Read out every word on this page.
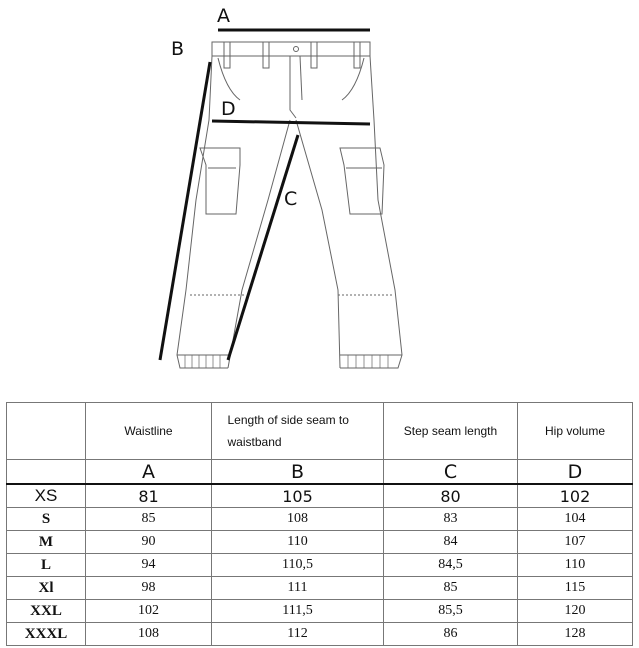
A
B
C
D
	Waistline	Length of side seam to waistband	Step seam length	Hip volume
	A	B	C	D
XS	81	105	80	102
S	85	108	83	104
M	90	110	84	107
L	94	110,5	84,5	110
Xl	98	111	85	115
XXL	102	111,5	85,5	120
XXXL	108	112	86	128
